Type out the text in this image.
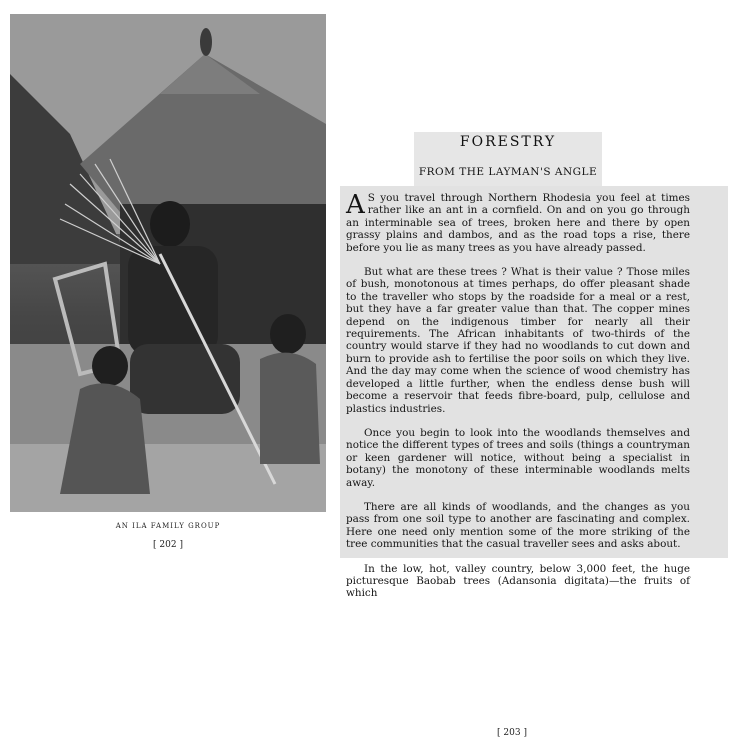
AN ILA FAMILY GROUP
[ 202 ]
FORESTRY
FROM THE LAYMAN'S ANGLE

A S you travel through Northern Rhodesia you feel at times rather like an ant in a cornfield. On and on you go through an interminable sea of trees, broken here and there by open grassy plains and dambos, and as the road tops a rise, there before you lie as many trees as you have already passed.

But what are these trees ? What is their value ? Those miles of bush, monotonous at times perhaps, do offer pleasant shade to the traveller who stops by the roadside for a meal or a rest, but they have a far greater value than that. The copper mines depend on the indigenous timber for nearly all their requirements. The African inhabitants of two-thirds of the country would starve if they had no woodlands to cut down and burn to provide ash to fertilise the poor soils on which they live. And the day may come when the science of wood chemistry has developed a little further, when the endless dense bush will become a reservoir that feeds fibre-board, pulp, cellulose and plastics industries.

Once you begin to look into the woodlands themselves and notice the different types of trees and soils (things a countryman or keen gardener will notice, without being a specialist in botany) the monotony of these interminable woodlands melts away.

There are all kinds of woodlands, and the changes as you pass from one soil type to another are fascinating and complex. Here one need only mention some of the more striking of the tree communities that the casual traveller sees and asks about.

In the low, hot, valley country, below 3,000 feet, the huge picturesque Baobab trees (Adansonia digitata)—the fruits of which

[ 203 ]
